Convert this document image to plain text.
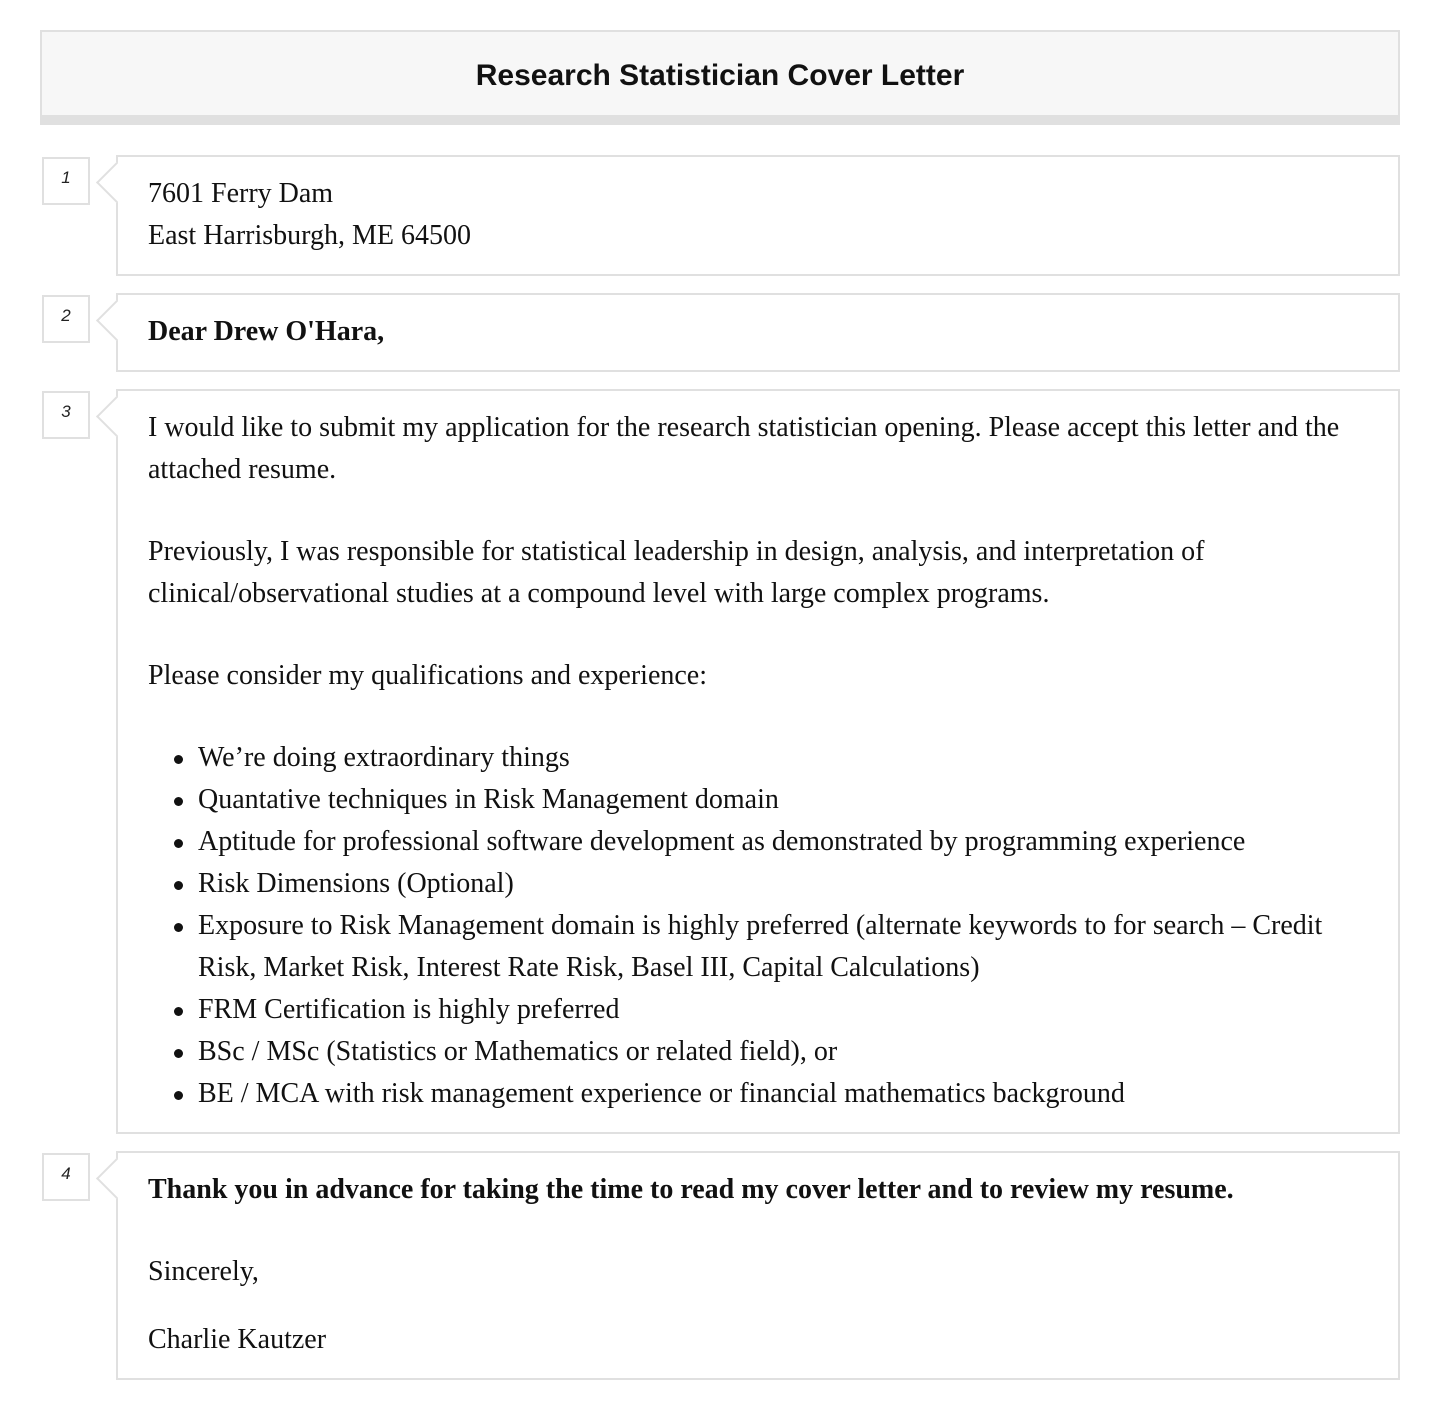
Research Statistician Cover Letter
1
7601 Ferry Dam
East Harrisburgh, ME 64500
2
Dear Drew O'Hara,
3

I would like to submit my application for the research statistician opening. Please accept this letter and the attached resume.

Previously, I was responsible for statistical leadership in design, analysis, and interpretation of clinical/observational studies at a compound level with large complex programs.

Please consider my qualifications and experience:

We’re doing extraordinary things
Quantative techniques in Risk Management domain
Aptitude for professional software development as demonstrated by programming experience
Risk Dimensions (Optional)
Exposure to Risk Management domain is highly preferred (alternate keywords to for search – Credit Risk, Market Risk, Interest Rate Risk, Basel III, Capital Calculations)
FRM Certification is highly preferred
BSc / MSc (Statistics or Mathematics or related field), or
BE / MCA with risk management experience or financial mathematics background
4

Thank you in advance for taking the time to read my cover letter and to review my resume.

Sincerely,

Charlie Kautzer
